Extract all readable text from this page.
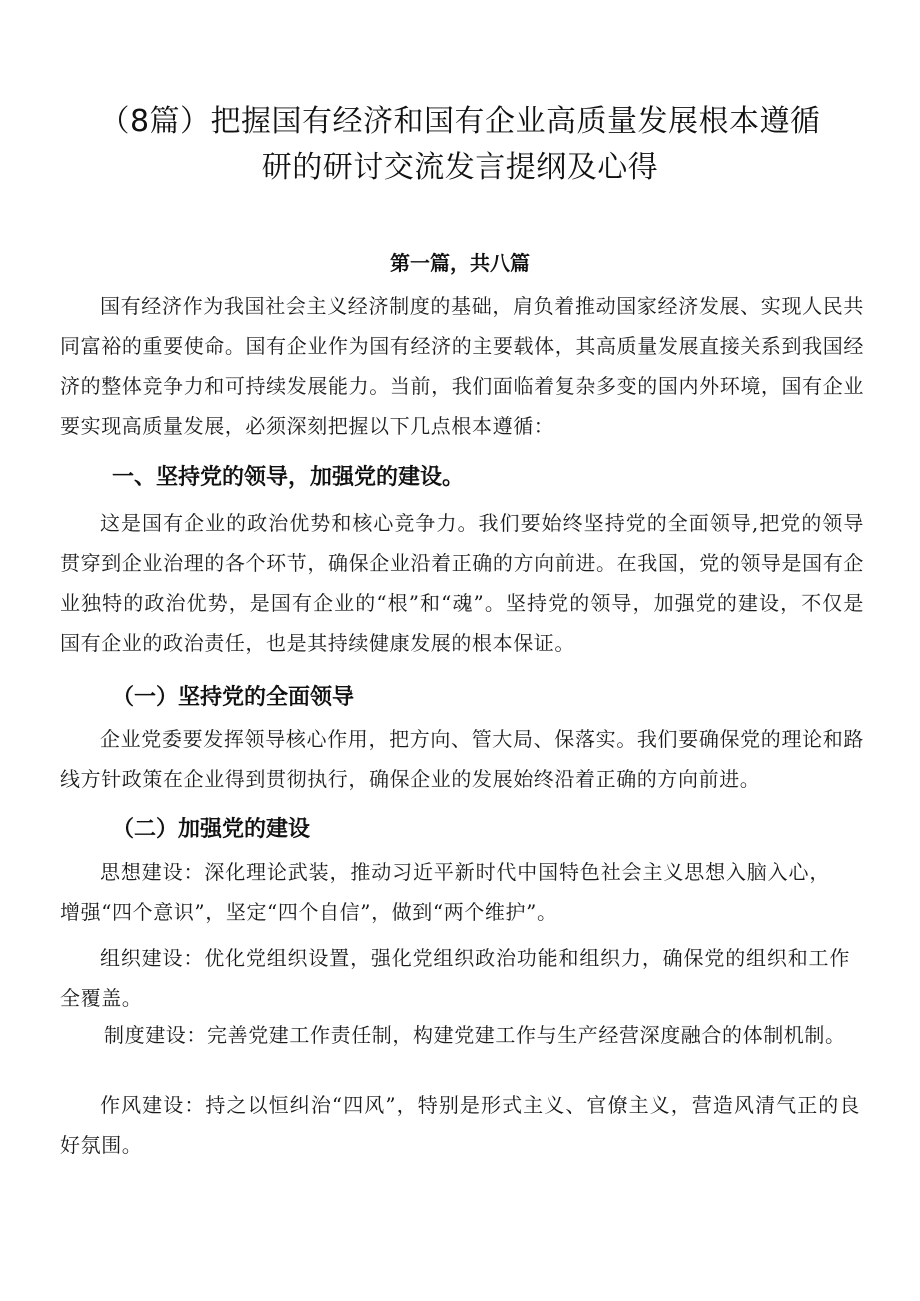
（8篇）把握国有经济和国有企业高质量发展根本遵循
研的研讨交流发言提纲及心得

第一篇，共八篇

国有经济作为我国社会主义经济制度的基础，肩负着推动国家经济发展、实现人民共同富裕的重要使命。国有企业作为国有经济的主要载体，其高质量发展直接关系到我国经济的整体竞争力和可持续发展能力。当前，我们面临着复杂多变的国内外环境，国有企业要实现高质量发展，必须深刻把握以下几点根本遵循：

一、坚持党的领导，加强党的建设。

这是国有企业的政治优势和核心竞争力。我们要始终坚持党的全面领导,把党的领导贯穿到企业治理的各个环节，确保企业沿着正确的方向前进。在我国，党的领导是国有企业独特的政治优势，是国有企业的“根”和“魂”。坚持党的领导，加强党的建设，不仅是国有企业的政治责任，也是其持续健康发展的根本保证。

（一）坚持党的全面领导

企业党委要发挥领导核心作用，把方向、管大局、保落实。我们要确保党的理论和路线方针政策在企业得到贯彻执行，确保企业的发展始终沿着正确的方向前进。

（二）加强党的建设

思想建设：深化理论武装，推动习近平新时代中国特色社会主义思想入脑入心，增强“四个意识”，坚定“四个自信”，做到“两个维护”。

组织建设：优化党组织设置，强化党组织政治功能和组织力，确保党的组织和工作全覆盖。

制度建设：完善党建工作责任制，构建党建工作与生产经营深度融合的体制机制。

作风建设：持之以恒纠治“四风”，特别是形式主义、官僚主义，营造风清气正的良好氛围。
